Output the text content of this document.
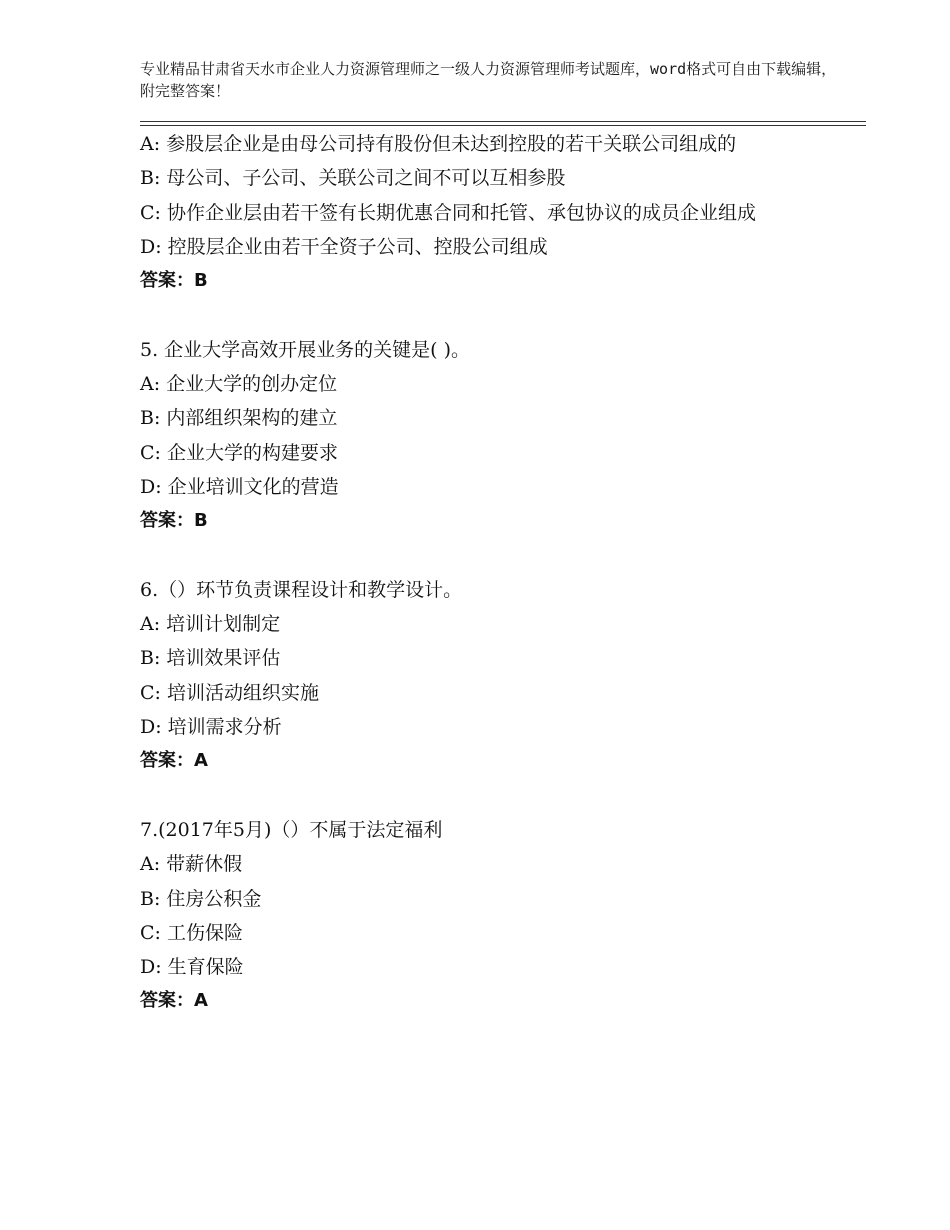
专业精品甘肃省天水市企业人力资源管理师之一级人力资源管理师考试题库，word格式可自由下载编辑，附完整答案！
A: 参股层企业是由母公司持有股份但未达到控股的若干关联公司组成的
B: 母公司、子公司、关联公司之间不可以互相参股
C: 协作企业层由若干签有长期优惠合同和托管、承包协议的成员企业组成
D: 控股层企业由若干全资子公司、控股公司组成
答案：B
5. 企业大学高效开展业务的关键是( )。
A: 企业大学的创办定位
B: 内部组织架构的建立
C: 企业大学的构建要求
D: 企业培训文化的营造
答案：B
6.（）环节负责课程设计和教学设计。
A: 培训计划制定
B: 培训效果评估
C: 培训活动组织实施
D: 培训需求分析
答案：A
7.(2017年5月)（）不属于法定福利
A: 带薪休假
B: 住房公积金
C: 工伤保险
D: 生育保险
答案：A
